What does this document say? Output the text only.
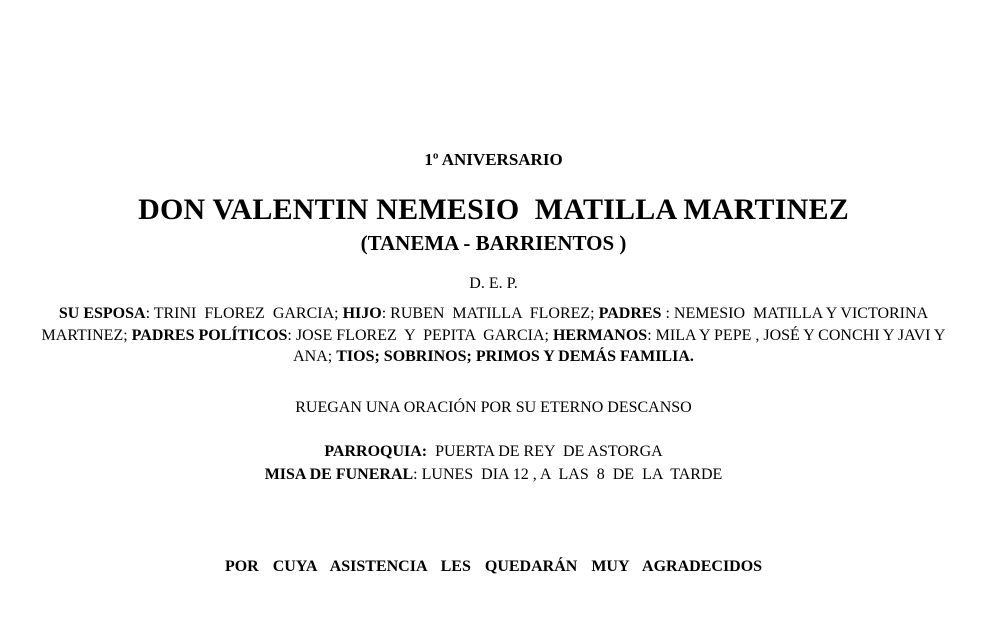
1º ANIVERSARIO
DON VALENTIN NEMESIO  MATILLA MARTINEZ
(TANEMA - BARRIENTOS )
D. E. P.
SU ESPOSA: TRINI  FLOREZ  GARCIA; HIJO: RUBEN  MATILLA  FLOREZ; PADRES : NEMESIO  MATILLA Y VICTORINA  MARTINEZ; PADRES POLÍTICOS: JOSE FLOREZ  Y  PEPITA  GARCIA; HERMANOS: MILA Y PEPE , JOSÉ Y CONCHI Y JAVI Y ANA; TIOS; SOBRINOS; PRIMOS Y DEMÁS FAMILIA.
RUEGAN UNA ORACIÓN POR SU ETERNO DESCANSO
PARROQUIA:  PUERTA DE REY  DE ASTORGA
MISA DE FUNERAL: LUNES  DIA 12 , A  LAS  8  DE  LA  TARDE
POR  CUYA  ASISTENCIA  LES  QUEDARÁN  MUY  AGRADECIDOS
